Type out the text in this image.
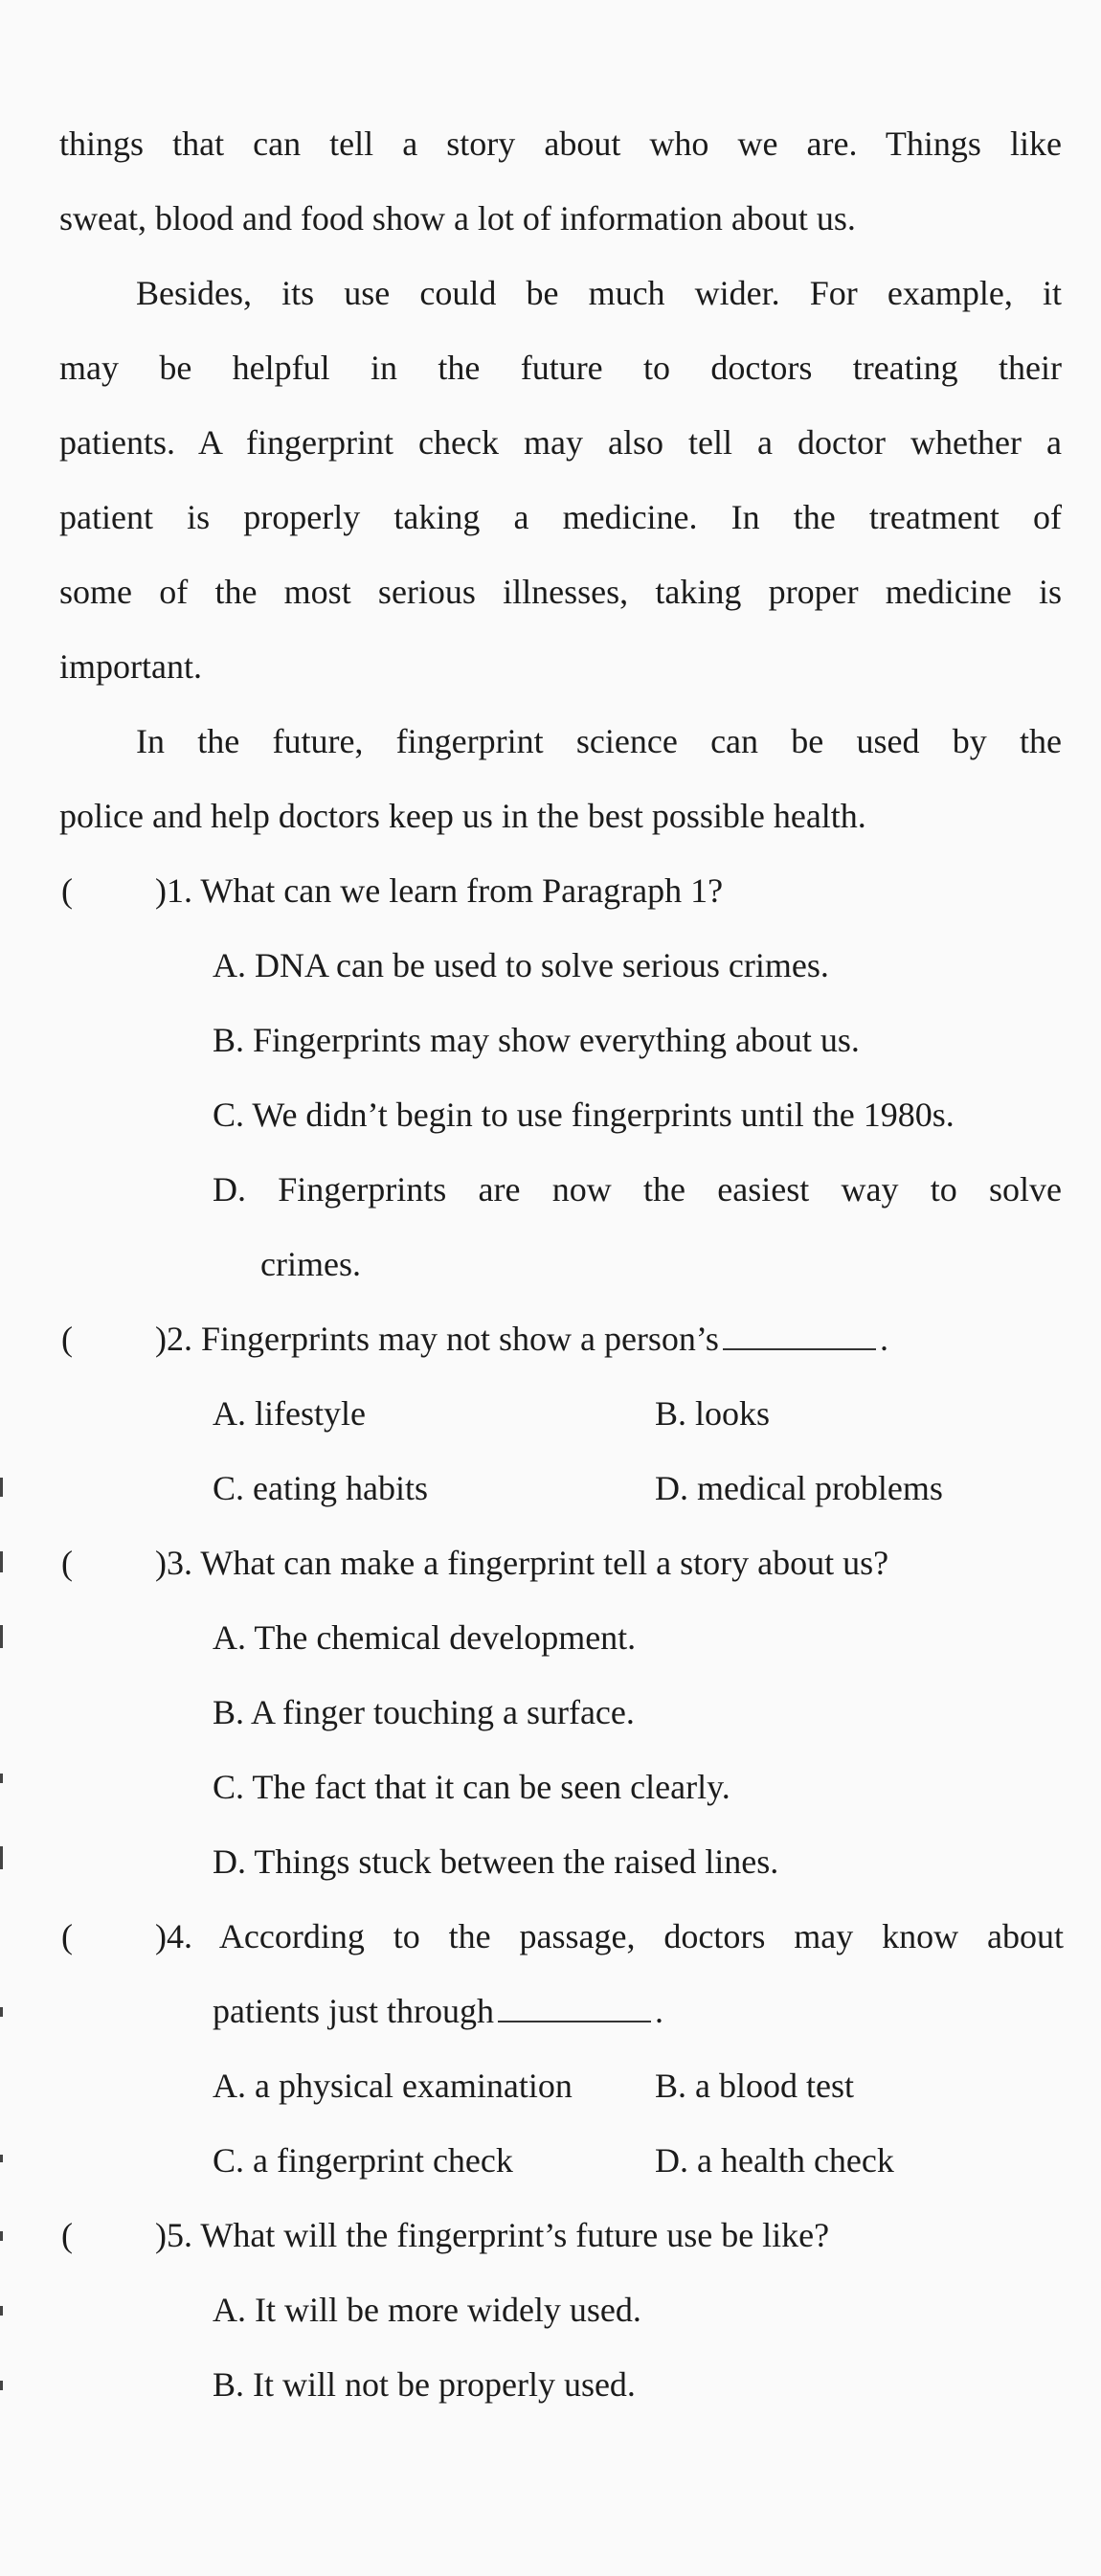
things that can tell a story about who we are. Things like
sweat, blood and food show a lot of information about us.
Besides, its use could be much wider. For example, it
may be helpful in the future to doctors treating their
patients. A fingerprint check may also tell a doctor whether a
patient is properly taking a medicine. In the treatment of
some of the most serious illnesses, taking proper medicine is
important.
In the future, fingerprint science can be used by the
police and help doctors keep us in the best possible health.
( )1. What can we learn from Paragraph 1?
A. DNA can be used to solve serious crimes.
B. Fingerprints may show everything about us.
C. We didn’t begin to use fingerprints until the 1980s.
D. Fingerprints are now the easiest way to solve
crimes.
( )2. Fingerprints may not show a person’s	.
A. lifestyle	B. looks
C. eating habits	D. medical problems
( )3. What can make a fingerprint tell a story about us?
A. The chemical development.
B. A finger touching a surface.
C. The fact that it can be seen clearly.
D. Things stuck between the raised lines.
( )4. According to the passage, doctors may know about
patients just through	.
A. a physical examination B. a blood test
C. a fingerprint check	D. a health check
( )5. What will the fingerprint’s future use be like?
A. It will be more widely used.
B. It will not be properly used.
